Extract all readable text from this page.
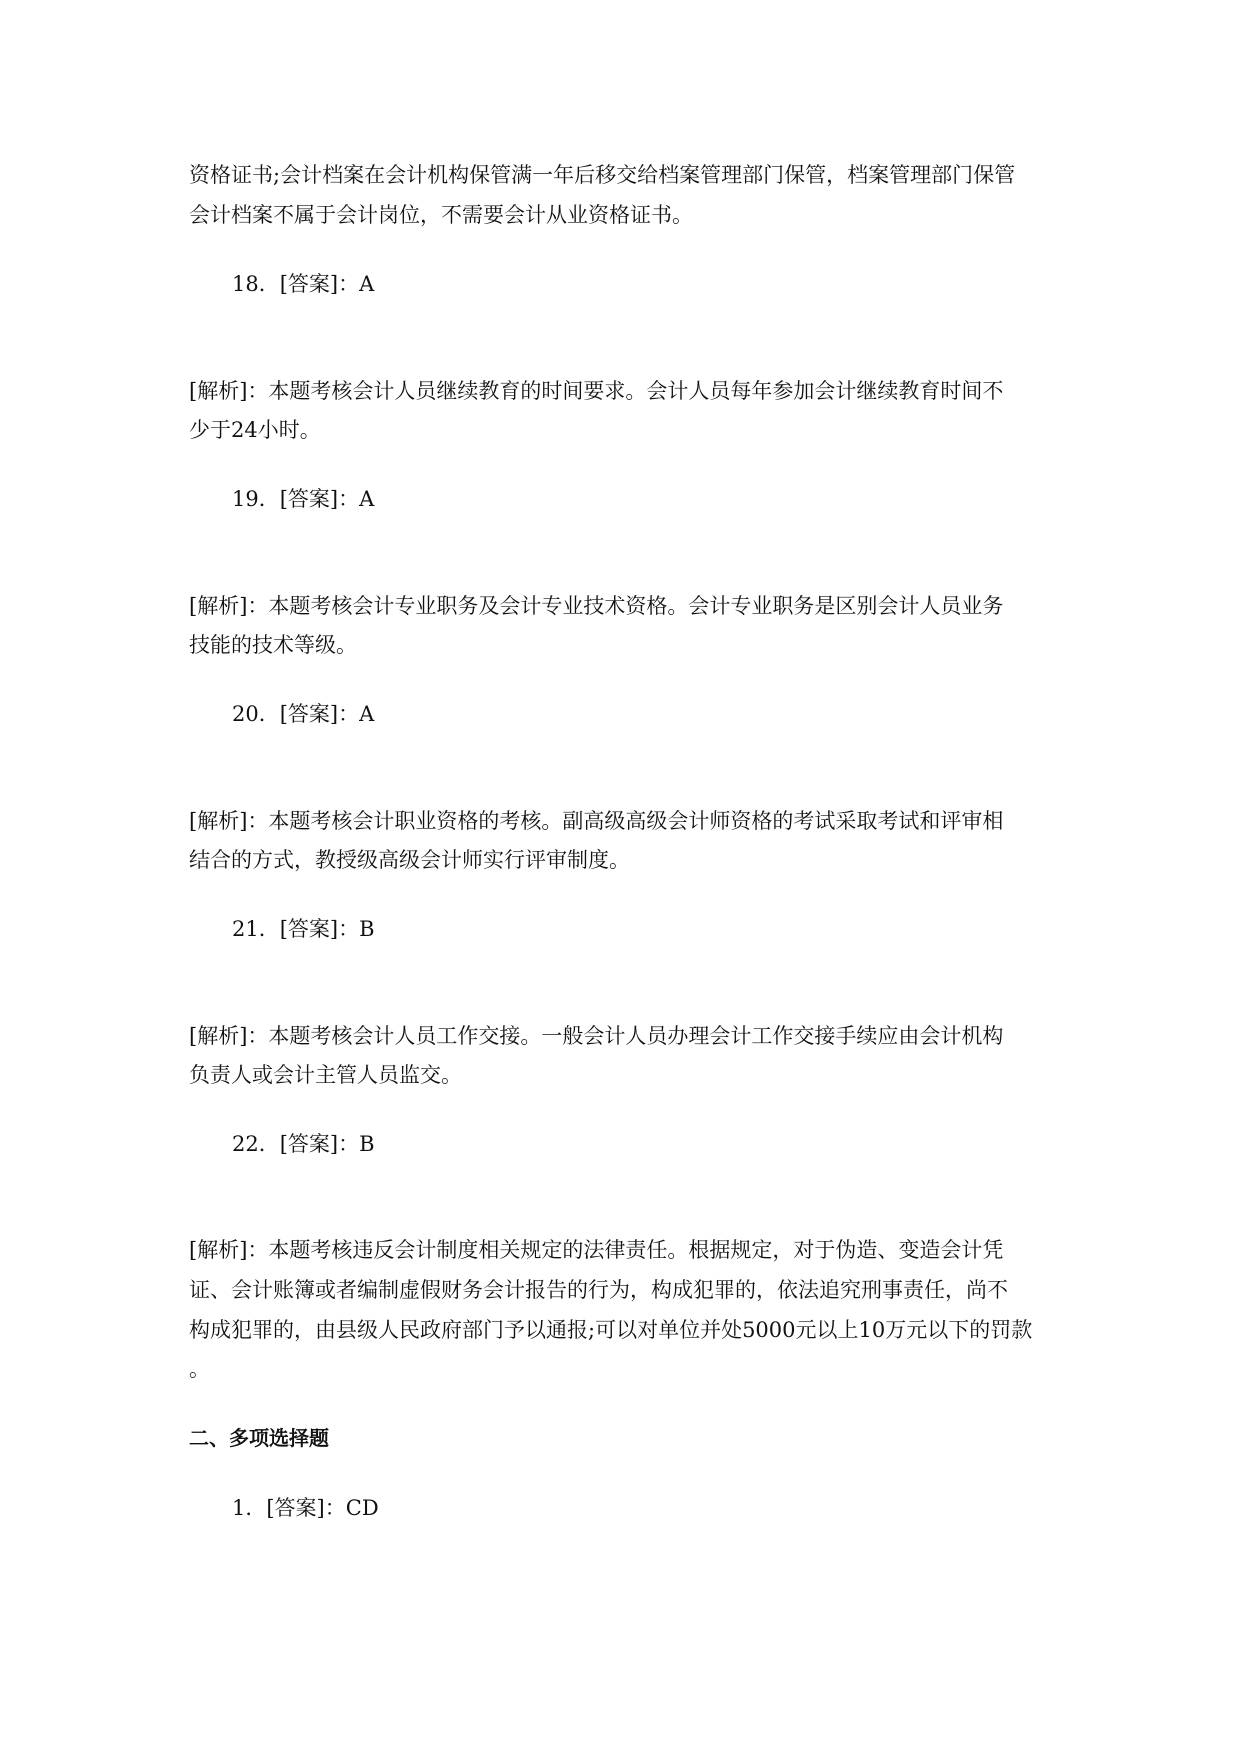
资格证书;会计档案在会计机构保管满一年后移交给档案管理部门保管，档案管理部门保管
会计档案不属于会计岗位，不需要会计从业资格证书。
18．[答案]：A
[解析]：本题考核会计人员继续教育的时间要求。会计人员每年参加会计继续教育时间不
少于24小时。
19．[答案]：A
[解析]：本题考核会计专业职务及会计专业技术资格。会计专业职务是区别会计人员业务
技能的技术等级。
20．[答案]：A
[解析]：本题考核会计职业资格的考核。副高级高级会计师资格的考试采取考试和评审相
结合的方式，教授级高级会计师实行评审制度。
21．[答案]：B
[解析]：本题考核会计人员工作交接。一般会计人员办理会计工作交接手续应由会计机构
负责人或会计主管人员监交。
22．[答案]：B
[解析]：本题考核违反会计制度相关规定的法律责任。根据规定，对于伪造、变造会计凭
证、会计账簿或者编制虚假财务会计报告的行为，构成犯罪的，依法追究刑事责任，尚不
构成犯罪的，由县级人民政府部门予以通报;可以对单位并处5000元以上10万元以下的罚款
。
二、多项选择题
1．[答案]：CD
